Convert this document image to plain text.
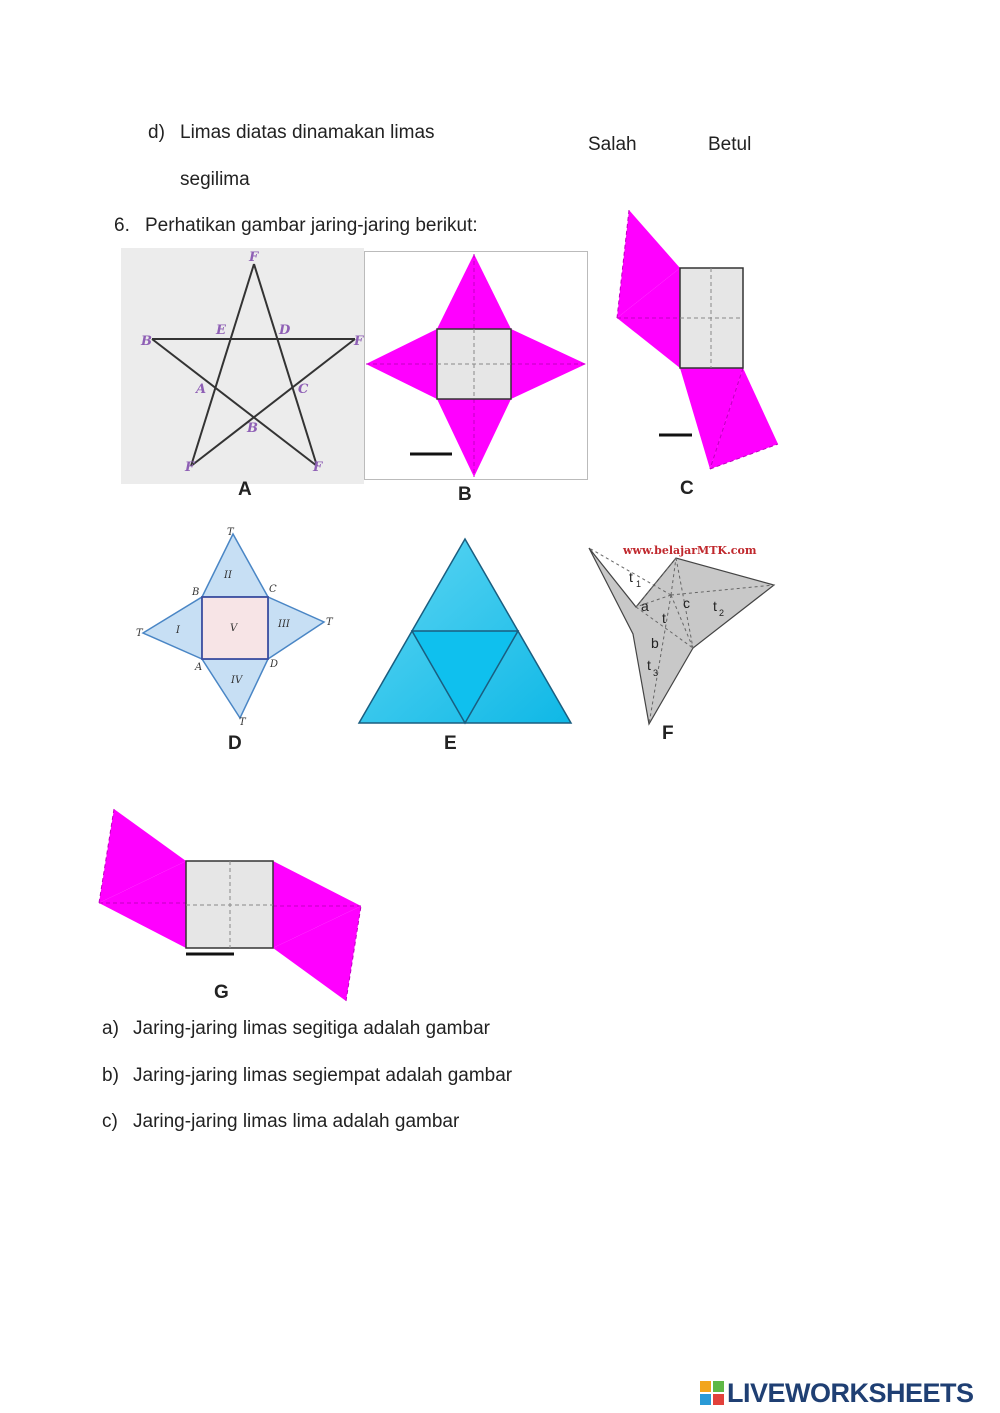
d) Limas diatas dinamakan limas
segilima
Salah	Betul
6. Perhatikan gambar jaring-jaring berikut:
F
B	F
F	F
E	D
A	C
B
A	B	C
T
T
T
T
B	C
A	D
II
I
III
IV
V
D	E
www.belajarMTK.com
t 1
a c t 2
t
b
t 3
F
G
a) Jaring-jaring limas segitiga adalah gambar
b) Jaring-jaring limas segiempat adalah gambar
c) Jaring-jaring limas lima adalah gambar
LIVEWORKSHEETS
